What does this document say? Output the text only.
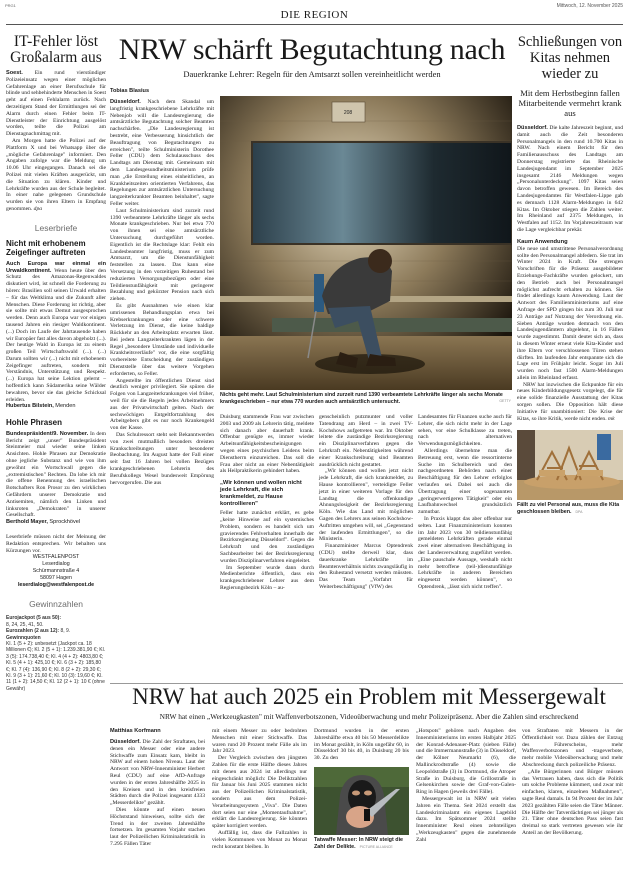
PRG1
DIE REGION
Mittwoch, 12. November 2025
IT-Fehler löst Großalarm aus

Soest. Ein rund vierstündiger Polizeieinsatz wegen einer möglichen Gefahrenlage an einer Berufsschule für blinde und sehbehinderte Menschen in Soest geht auf einen Fehlalarm zurück. Nach derzeitigem Stand der Ermittlungen sei der Alarm durch einen Fehler beim IT-Dienstleister der Einrichtung ausgelöst worden, teilte die Polizei am Dienstagnachmittag mit.

Am Morgen hatte die Polizei auf der Plattform X und bei Whatsapp über die „mögliche Gefahrenlage" informiert. Den Angaben zufolge war die Meldung um 10.06 Uhr eingegangen. Danach sei die Polizei mit vielen Kräften ausgerückt, um die Situation zu klären. Kinder und Lehrkräfte wurden aus der Schule begleitet. In einer nahe gelegenen Grundschule wurden sie von ihren Eltern in Empfang genommen. dpa

Leserbriefe
Nicht mit erhobenem Zeigefinger auftreten

Auch Europa war einmal ein Urwaldkontinent. Wenn heute über den Schutz des Amazonas-Regenwaldes diskutiert wird, ist schnell die Forderung zu hören: Brasilien soll seinen Urwald erhalten – für das Weltklima und die Zukunft aller Menschen. Diese Forderung ist richtig, aber sie sollte mit etwas Demut ausgesprochen werden. Denn auch Europa war vor einigen tausend Jahren ein riesiger Waldkontinent. (...) Doch im Laufe der Jahrtausende haben wir Europäer fast alles davon abgeholzt (...). Der heutige Wald in Europa ist zu einem großen Teil Wirtschaftswald (...). (...) Darum sollten wir (...) nicht mit erhobenem Zeigefinger auftreten, sondern mit Verständnis, Unterstützung und Respekt. (...) Europa hat seine Lektion gelernt – hoffentlich kann Südamerika seine Wälder bewahren, bevor sie das gleiche Schicksal erleiden.

Hubertus Bilstein, Menden

Hohle Phrasen

Bundespräsident/9. November. In dem Bericht zeigt „unser" Bundespräsident Steinmeier mal wieder seine linken Ansichten. Hohle Phrasen zur Demokratie ohne jegliche Substanz und wie von ihm gewöhnt ein Wortschwall gegen die „extremistischen" Rechten. Da lobe ich mir die offene Benennung des israelischen Botschafters Ron Prosor zu den wirklichen Gefährdern unserer Demokratie und Antisemiten, nämlich den Linken und linksroten „Demokraten" in unserer Gesellschaft.

Berthold Mayer, Sprockhövel

Leserbriefe müssen nicht der Meinung der Redaktion entsprechen. Wir behalten uns Kürzungen vor.

WESTFALENPOST
Leserdialog
Schürmannstraße 4
58097 Hagen
leserdialog@westfalenpost.de
Gewinnzahlen

Eurojackpot (5 aus 50):

8, 24, 25, 41, 50.

Eurozahlen (2 aus 12): 8, 9.

Gewinnquoten

Kl. 1 (5 + 2): unbesetzt (Jackpot ca. 18 Millionen €); Kl. 2 (5 + 1): 1.239.381,90 €; Kl. 3 (5): 174.738,40 €; Kl. 4 (4 + 2): 4803,80 €; Kl. 5 (4 + 1): 425,10 €; Kl. 6 (3 + 2): 185,80 €; Kl. 7 (4): 136,90 €; Kl. 8 (2 + 2): 29,30 €; Kl. 9 (3 + 1): 21,60 €; Kl. 10 (3): 19,60 €; Kl. 11 (1 + 2): 14,50 €; Kl. 12 (2 + 1): 10 € (ohne Gewähr)

NRW schärft Begutachtung nach
Dauerkranke Lehrer: Regeln für den Amtsarzt sollen vereinheitlicht werden
Tobias Blasius

Düsseldorf. Nach dem Skandal um langfristig krankgeschriebene Lehrkräfte mit Nebenjob will die Landesregierung die amtsärztliche Begutachtung solcher Beamten nachschärfen. „Die Landesregierung ist bestrebt, eine Verbesserung hinsichtlich der Beauftragung von Begutachtungen zu erreichen", teilte Schulministerin Dorothee Feller (CDU) dem Schulausschuss des Landtags am Dienstag mit. Gemeinsam mit dem Landesgesundheitsministerium prüfe man „die Erstellung eines einheitlichen, an Krankheitszeiten orientierten Verfahrens, das Regelungen zur amtsärztlichen Untersuchung langzeiterkrankter Beamten beinhaltet", sagte Feller weiter.

Laut Schulministerium sind zurzeit rund 1390 verbeamtete Lehrkräfte länger als sechs Monate krankgeschrieben. Nur bei etwa 770 von ihnen sei eine amtsärztliche Untersuchung durchgeführt worden. Eigentlich ist die Rechtslage klar: Fehlt ein Landesbeamter langfristig, muss er zum Amtsarzt, um die Dienstunfähigkeit feststellen zu lassen. Das kann eine Versetzung in den vorzeitigen Ruhestand bei reduzierten Versorgungsbezügen oder eine Teildienstunfähigkeit mit geringerer Bezahlung und gekürzter Pension nach sich ziehen.

Es gibt Ausnahmen wie einen klar umrissenen Behandlungsplan etwa bei Krebserkrankungen oder eine schwere Verletzung im Dienst, die keine baldige Rückkehr an den Arbeitsplatz erwarten lässt. Bei jedem Langzeiterkrankten lägen in der Regel „besondere Umstände und individuelle Krankheitsverläufe" vor, die eine sorgfältig vorbereitete Entscheidung der zuständigen Dienststelle über das weitere Vorgehen erforderten, so Feller.

Angestellte im öffentlichen Dienst sind deutlich weniger privilegiert. Sie spüren die Folgen von Langzeiterkrankungen viel früher, weil für sie die Regeln jedes Arbeitnehmers aus der Privatwirtschaft gelten. Nach der sechswöchigen Entgeltfortzahlung des Arbeitgebers gibt es nur noch Krankengeld von der Kasse.

Das Schulressort steht seit Bekanntwerden von zwei mutmaßlich besonders dreisten Krankschreibungen unter besonderer Beobachtung. Im August hatte der Fall einer seit fast 16 Jahren bei vollen Bezügen krankgeschriebenen Lehrerin des Berufskollegs Wesel bundesweit Empörung hervorgerufen. Die aus

208
Nichts geht mehr. Laut Schulministerium sind zurzeit rund 1390 verbeamtete Lehrkräfte länger als sechs Monate krankgeschrieben – nur etwa 770 wurden auch amtsärztlich untersucht.	GETTY

Duisburg stammende Frau war zwischen 2003 und 2009 als Lehrerin tätig, meldete sich danach aber dauerhaft krank. Offenbar genügte es, immer wieder Arbeitsunfähigkeitsbescheinigungen wegen eines psychischen Leidens beim Dienstherrn einzureichen. Das soll die Frau aber nicht an einer Nebentätigkeit als Heilpraktikerin gehindert haben.

„Wir können und wollen nicht jede Lehrkraft, die sich krankmeldet, zu Hause kontrollieren"

Feller hatte zunächst erklärt, es gebe „keine Hinweise auf ein systemisches Problem, sondern es handelt sich um gravierendes Fehlverhalten innerhalb der Bezirksregierung Düsseldorf". Gegen die Lehrkraft und den zuständigen Sachbearbeiter bei der Bezirksregierung wurden Disziplinarverfahren eingeleitet.

Im September wurde dann durch Medienberichte öffentlich, dass ein krankgeschriebener Lehrer aus dem Regierungsbezirk Köln – au-

genscheinlich putzmunter und voller Tatendrang am Herd – in zwei TV-Kochshows aufgetreten war. Im Oktober leitete die zuständige Bezirksregierung ein Disziplinarverfahren gegen die Lehrkraft ein. Nebentätigkeiten während einer Krankschreibung sind Beamten ausdrücklich nicht gestattet.

„Wir können und wollen jetzt nicht jede Lehrkraft, die sich krankmeldet, zu Hause kontrollieren", verteidigte Feller jetzt in einer weiteren Vorlage für den Landtag die offenkundige Ahnungslosigkeit der Bezirksregierung Köln. Wie das Land mit möglichen Gagen des Lehrers aus seinen Kochshow-Auftritten umgehen will, sei „Gegenstand der laufenden Ermittlungen", so die Ministerin.

Finanzminister Marcus Optendrenk (CDU) stellte derweil klar, dass dauerkranke Lehrkräfte im Beamtenverhältnis nichts zwangsläufig in den Ruhestand versetzt werden müssten. Das Team „Vorfahrt für Weiterbeschäftigung" (VfW) des

Landesamtes für Finanzen suche auch für Lehrer, die sich nicht mehr in der Lage sehen, vor eine Schulklasse zu treten, nach alternativen Verwendungsmöglichkeiten.

Allerdings übernehme man die Betreuung erst, wenn die ressortinterne Suche im Schulbereich und den nachgeordneten Behörden nach einer Beschäftigung für den Lehrer erfolglos verlaufen sei. Dabei sei auch die Übertragung einer sogenannten „geringerwertigeren Tätigkeit" oder ein Laufbahnwechsel grundsätzlich zumutbar.

In Praxis klappt das aber offenbar nur selten. Laut Finanzministerium konnten im Jahr 2023 von 30 teildienstunfähig gemeldeten Lehrkräften gerade einmal zwei einer alternativen Beschäftigung in der Landesverwaltung zugeführt werden. „Eine pauschale Aussage, weshalb nicht mehr betroffene (teil-)dienstunfähige Lehrkräfte in anderen Bereichen eingesetzt werden können", so Optendrenk, „lässt sich nicht treffen".

Schließungen von Kitas nehmen wieder zu
Mit dem Herbstbeginn fallen Mitarbeitende vermehrt krank aus

Düsseldorf. Die kalte Jahreszeit beginnt, und damit auch die Zeit besonderen Personalmangels in den rund 10.700 Kitas in NRW. Nach einem Bericht für den Familienausschuss des Landtags am Donnerstag registrierte das Rheinische Landesjugendamt im September 2025 insgesamt 2146 Meldungen wegen „Personalunterdeckung". 1097 Kitas seien davon betroffen gewesen. Im Bereich des Landesjugendamtes für Westfalen-Lippe gab es demnach 1128 Alarm-Meldungen in 642 Kitas. Im Oktober stiegen die Zahlen weiter. Im Rheinland auf 2375 Meldungen, in Westfalen auf 1152. Im Vorjahreszeitraum war die Lage vergleichbar prekär.

Kaum Anwendung

Die neue und umstrittene Personalverordnung sollte den Personalmangel abfedern. Sie trat im Winter 2024 in Kraft. Die strengen Vorschriften für die Präsenz ausgebildeter Erziehungs-Fachkräfte wurden gelockert, um den Betrieb auch bei Personalmangel möglichst aufrecht erhalten zu können. Sie findet allerdings kaum Anwendung. Laut der Antwort des Familienministeriums auf eine Anfrage der SPD gingen bis zum 30. Juli nur 23 Anträge auf Nutzung der Verordnung ein. Sieben Anträge wurden demnach von den Landesjugendämtern abgelehnt, in 16 Fällen wurde zugestimmt. Damit deutet sich an, dass in diesem Winter erneut viele Kita-Kinder und ihre Eltern vor verschlossenen Türen stehen dürften. Im laufenden Jahr entspannte sich die Lage erst im Frühjahr leicht. Sogar im Juli wurden noch fast 1500 Alarm-Meldungen allein im Rheinland erfasst.

NRW hat inzwischen die Eckpunkte für ein neues Kinderbildungsgesetz vorgelegt, die für eine solide finanzielle Ausstattung der Kitas sorgen sollen. Die Opposition hält diese Initiative für unambitioniert: Die Krise der Kitas, so ihre Kritik, werde nicht enden. mk

Fällt zu viel Personal aus, muss die Kita geschlossen bleiben. DPA
NRW hat auch 2025 ein Problem mit Messergewalt
NRW hat einen „Werkzeugkasten" mit Waffenverbotszonen, Videoüberwachung und mehr Polizeipräsenz. Aber die Zahlen sind erschreckend
Matthias Korfmann

Düsseldorf. Die Zahl der Straftaten, bei denen ein Messer oder eine andere Stichwaffe zum Einsatz kam, bleibt in NRW auf einem hohen Niveau. Laut der Antwort von NRW-Innenminister Herbert Reul (CDU) auf eine AfD-Anfrage wurden in der ersten Jahreshälfte 2025 in den Kreisen und in den kreisfreien Städten durch die Polizei insgesamt 4333 „Messerdelikte" gezählt.

Dies könnte auf einen neuen Höchststand hinweisen, sollte sich der Trend in der zweiten Jahreshälfte fortsetzen. Im gesamten Vorjahr stachen laut der Polizeilichen Kriminalstatistik in 7.295 Fällen Täter

mit einem Messer zu oder bedrohten Menschen mit einer Stichwaffe. Das waren rund 20 Prozent mehr Fälle als im Jahr 2023.

Der Vergleich zwischen den jüngsten Zahlen für die erste Hälfte dieses Jahres mit denen aus 2024 ist allerdings nur eingeschränkt möglich: Die Deliktzahlen für Januar bis Juni 2025 stammen nicht aus der Polizeilichen Kriminalstatistik, sondern aus dem Polizei-Verarbeitungssystem „Viva". Die Daten dort seien nur eine „Momentaufnahme", erklärt die Landesregierung. Sie könnten später korrigiert werden.

Auffällig ist, dass die Fallzahlen in vielen Kommunen von Monat zu Monat recht konstant bleiben. In

Dortmund wurden in der ersten Jahreshälfte etwa 40 bis 50 Messerdelikte im Monat gezählt, in Köln ungefähr 60, in Düsseldorf 30 bis 40, in Duisburg 20 bis 30. Zu den

Tatwaffe Messer: In NRW steigt die Zahl der Delikte. PICTURE ALLIANCE

„Hotspots" gehören nach Angaben des Innenministeriums im ersten Halbjahr 2025 der Konrad-Adenauer-Platz (sieben Fälle) und die Immermannstraße (3) in Düsseldorf, der Kölner Neumarkt (6), die Mallinckrodtstraße (4) sowie die Leopoldstraße (3) in Dortmund, die Atroper Straße in Duisburg, die Grillostraße in Gelsenkirchen sowie der Graf-von-Galen-Ring in Hagen (jeweils drei Fälle).

Messergewalt ist in NRW seit vielen Jahren ein Thema. Seit 2024 erstellt das Landeskriminalamt ein eigenes Lagebild dazu. Im Spätsommer 2024 stellte Innenminister Reul einen zehnteiligen „Werkzeugkasten" gegen die zunehmende Zahl

von Straftaten mit Messern in der Öffentlichkeit vor. Dazu zählen der Entzug des Führerscheins, mehr Waffenverbotszonen und -trageverbote, mehr mobile Videoüberwachung und mehr Abschreckung durch polizeiliche Präsenz.

„Alle Bürgerinnen und Bürger müssen das Vertrauen haben, dass sich die Politik um solche Probleme kümmert, und zwar mit einfachen, klaren, einzelnen Maßnahmen", sagte Reul damals. In 94 Prozent der im Jahr 2023 gezählten Fälle seien die Täter Männer. Die Hälfte der Tatverdächtigen sei jünger als 21. Täter ohne deutschen Pass seien fast dreimal so stark vertreten gewesen wie ihr Anteil an der Bevölkerung.
